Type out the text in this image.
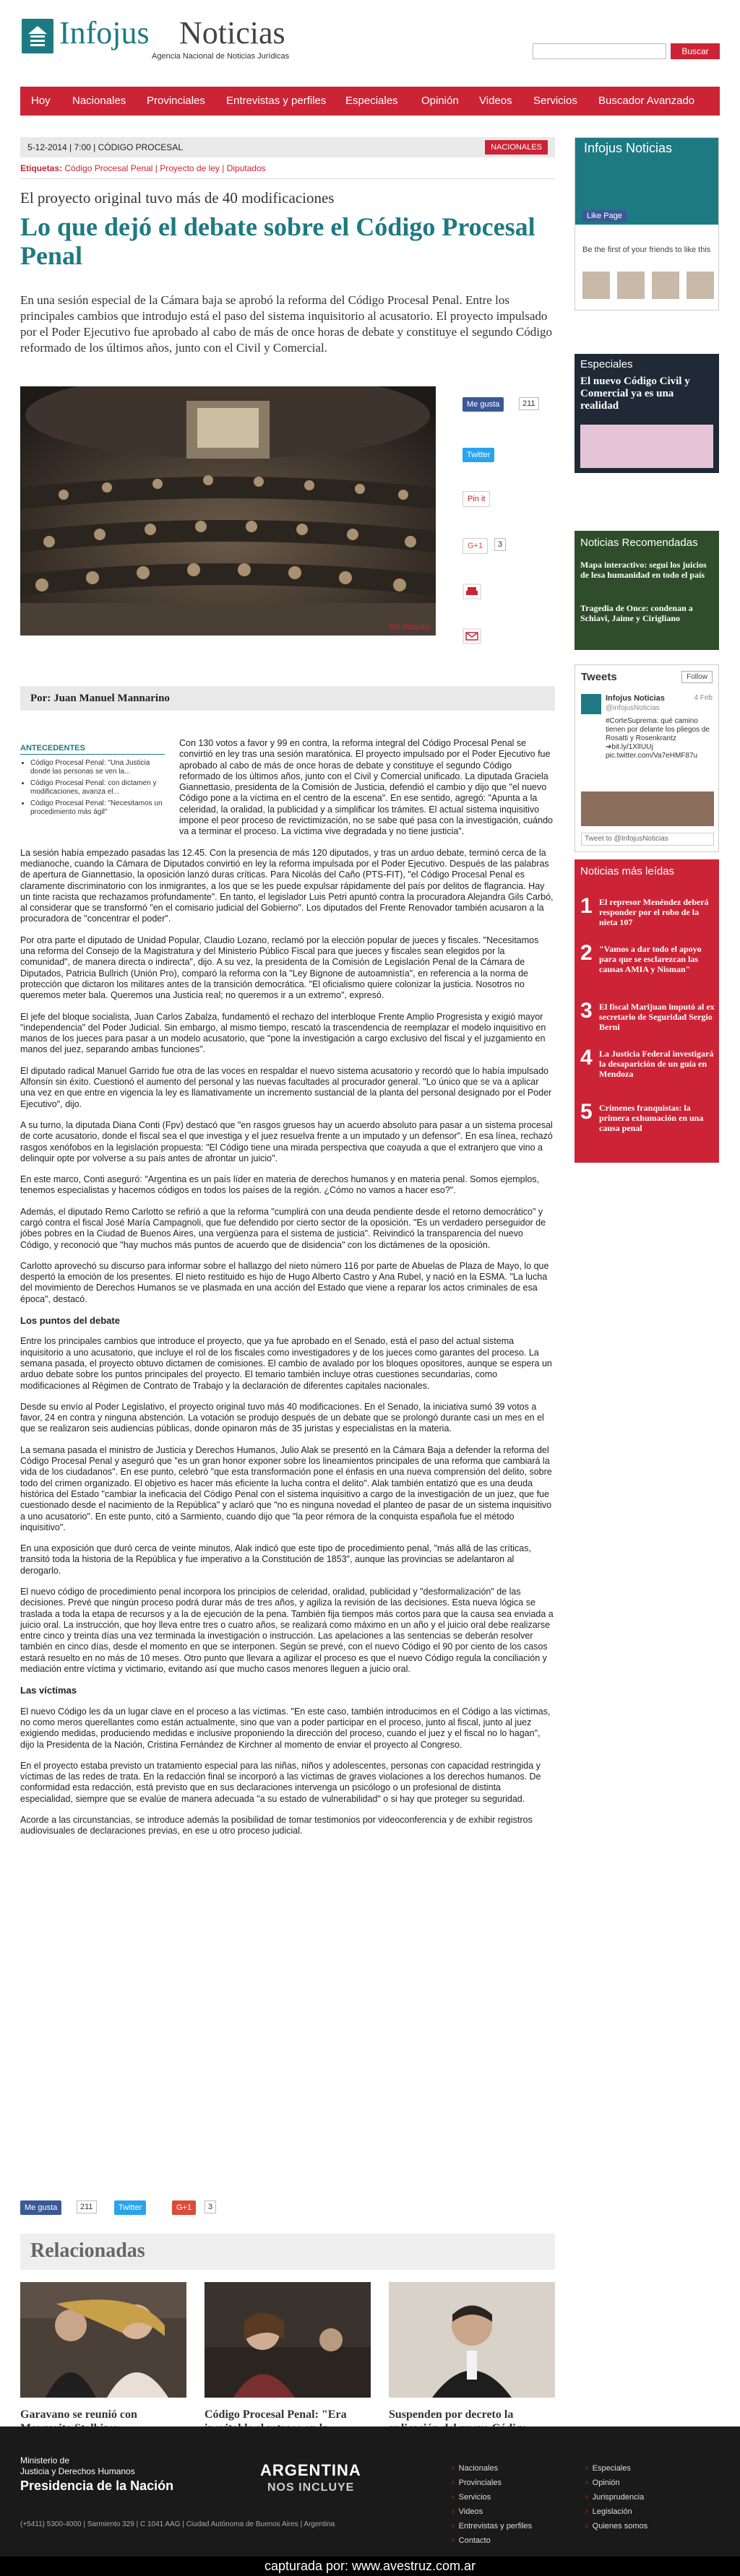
Infojus Noticias
Agencia Nacional de Noticias Jurídicas	Buscar
Hoy Nacionales Provinciales Entrevistas y perfiles Especiales Opinión Videos Servicios Buscador Avanzado
5-12-2014 | 7:00 | CÓDIGO PROCESAL	NACIONALES
Etiquetas: Código Procesal Penal | Proyecto de ley | Diputados
El proyecto original tuvo más de 40 modificaciones
Lo que dejó el debate sobre el Código Procesal Penal

En una sesión especial de la Cámara baja se aprobó la reforma del Código Procesal Penal. Entre los principales cambios que introdujo está el paso del sistema inquisitorio al acusatorio. El proyecto impulsado por el Poder Ejecutivo fue aprobado al cabo de más de once horas de debate y constituye el segundo Código reformado de los últimos años, junto con el Civil y Comercial.

Sol Vázquez
Me gusta	211
Twitter
Pin it
G+1	3
Por: Juan Manuel Mannarino
ANTECEDENTES
• Código Procesal Penal: "Una Justicia donde las personas se ven la...
• Código Procesal Penal: con dictamen y modificaciones, avanza el...
• Código Procesal Penal: "Necesitamos un procedimiento más ágil"

Con 130 votos a favor y 99 en contra, la reforma integral del Código Procesal Penal se convirtió en ley tras una sesión maratónica. El proyecto impulsado por el Poder Ejecutivo fue aprobado al cabo de más de once horas de debate y constituye el segundo Código reformado de los últimos años, junto con el Civil y Comercial unificado. La diputada Graciela Giannettasio, presidenta de la Comisión de Justicia, defendió el cambio y dijo que "el nuevo Código pone a la víctima en el centro de la escena". En ese sentido, agregó: "Apunta a la celeridad, la oralidad, la publicidad y a simplificar los trámites. El actual sistema inquisitivo impone el peor proceso de revictimización, no se sabe qué pasa con la investigación, cuándo va a terminar el proceso. La víctima vive degradada y no tiene justicia".

La sesión había empezado pasadas las 12.45. Con la presencia de más 120 diputados, y tras un arduo debate, terminó cerca de la medianoche, cuando la Cámara de Diputados convirtió en ley la reforma impulsada por el Poder Ejecutivo. Después de las palabras de apertura de Giannettasio, la oposición lanzó duras críticas. Para Nicolás del Caño (PTS-FIT), "el Código Procesal Penal es claramente discriminatorio con los inmigrantes, a los que se les puede expulsar rápidamente del país por delitos de flagrancia. Hay un tinte racista que rechazamos profundamente". En tanto, el legislador Luis Petri apuntó contra la procuradora Alejandra Gils Carbó, al considerar que se transformó "en el comisario judicial del Gobierno". Los diputados del Frente Renovador también acusaron a la procuradora de "concentrar el poder".

Por otra parte el diputado de Unidad Popular, Claudio Lozano, reclamó por la elección popular de jueces y fiscales. "Necesitamos una reforma del Consejo de la Magistratura y del Ministerio Público Fiscal para que jueces y fiscales sean elegidos por la comunidad", de manera directa o indirecta", dijo. A su vez, la presidenta de la Comisión de Legislación Penal de la Cámara de Diputados, Patricia Bullrich (Unión Pro), comparó la reforma con la "Ley Bignone de autoamnistía", en referencia a la norma de protección que dictaron los militares antes de la transición democrática. "El oficialismo quiere colonizar la justicia. Nosotros no queremos meter bala. Queremos una Justicia real; no queremos ir a un extremo", expresó.

El jefe del bloque socialista, Juan Carlos Zabalza, fundamentó el rechazo del interbloque Frente Amplio Progresista y exigió mayor "independencia" del Poder Judicial. Sin embargo, al mismo tiempo, rescató la trascendencia de reemplazar el modelo inquisitivo en manos de los jueces para pasar a un modelo acusatorio, que "pone la investigación a cargo exclusivo del fiscal y el juzgamiento en manos del juez, separando ambas funciones".

El diputado radical Manuel Garrido fue otra de las voces en respaldar el nuevo sistema acusatorio y recordó que lo había impulsado Alfonsín sin éxito. Cuestionó el aumento del personal y las nuevas facultades al procurador general. "Lo único que se va a aplicar una vez en que entre en vigencia la ley es llamativamente un incremento sustancial de la planta del personal designado por el Poder Ejecutivo", dijo.

A su turno, la diputada Diana Conti (Fpv) destacó que "en rasgos gruesos hay un acuerdo absoluto para pasar a un sistema procesal de corte acusatorio, donde el fiscal sea el que investiga y el juez resuelva frente a un imputado y un defensor". En esa línea, rechazó rasgos xenófobos en la legislación propuesta: "El Código tiene una mirada perspectiva que coayuda a que el extranjero que vino a delinquir opte por volverse a su país antes de afrontar un juicio".

En este marco, Conti aseguró: "Argentina es un país líder en materia de derechos humanos y en materia penal. Somos ejemplos, tenemos especialistas y hacemos códigos en todos los países de la región. ¿Cómo no vamos a hacer eso?".

Además, el diputado Remo Carlotto se refirió a que la reforma "cumplirá con una deuda pendiente desde el retorno democrático" y cargó contra el fiscal José María Campagnoli, que fue defendido por cierto sector de la oposición. "Es un verdadero perseguidor de jóbes pobres en la Ciudad de Buenos Aires, una vergüenza para el sistema de justicia". Reivindicó la transparencia del nuevo Código, y reconoció que "hay muchos más puntos de acuerdo que de disidencia" con los dictámenes de la oposición.

Carlotto aprovechó su discurso para informar sobre el hallazgo del nieto número 116 por parte de Abuelas de Plaza de Mayo, lo que despertó la emoción de los presentes. El nieto restituido es hijo de Hugo Alberto Castro y Ana Rubel, y nació en la ESMA. "La lucha del movimiento de Derechos Humanos se ve plasmada en una acción del Estado que viene a reparar los actos criminales de esa época", destacó.

Los puntos del debate

Entre los principales cambios que introduce el proyecto, que ya fue aprobado en el Senado, está el paso del actual sistema inquisitorio a uno acusatorio, que incluye el rol de los fiscales como investigadores y de los jueces como garantes del proceso. La semana pasada, el proyecto obtuvo dictamen de comisiones. El cambio de avalado por los bloques opositores, aunque se espera un arduo debate sobre los puntos principales del proyecto. El temario también incluye otras cuestiones secundarias, como modificaciones al Régimen de Contrato de Trabajo y la declaración de diferentes capitales nacionales.

Desde su envío al Poder Legislativo, el proyecto original tuvo más 40 modificaciones. En el Senado, la iniciativa sumó 39 votos a favor, 24 en contra y ninguna abstención. La votación se produjo después de un debate que se prolongó durante casi un mes en el que se realizaron seis audiencias públicas, donde opinaron más de 35 juristas y especialistas en la materia.

La semana pasada el ministro de Justicia y Derechos Humanos, Julio Alak se presentó en la Cámara Baja a defender la reforma del Código Procesal Penal y aseguró que "es un gran honor exponer sobre los lineamientos principales de una reforma que cambiará la vida de los ciudadanos". En ese punto, celebró "que esta transformación pone el énfasis en una nueva comprensión del delito, sobre todo del crimen organizado. El objetivo es hacer más eficiente la lucha contra el delito". Alak también entatizó que es una deuda histórica del Estado "cambiar la ineficacia del Código Penal con el sistema inquisitivo a cargo de la investigación de un juez, que fue cuestionado desde el nacimiento de la República" y aclaró que "no es ninguna novedad el planteo de pasar de un sistema inquisitivo a uno acusatorio". En este punto, citó a Sarmiento, cuando dijo que "la peor rémora de la conquista española fue el método inquisitivo".

En una exposición que duró cerca de veinte minutos, Alak indicó que este tipo de procedimiento penal, "más allá de las críticas, transitó toda la historia de la República y fue imperativo a la Constitución de 1853", aunque las provincias se adelantaron al derogarlo.

El nuevo código de procedimiento penal incorpora los principios de celeridad, oralidad, publicidad y "desformalización" de las decisiones. Prevé que ningún proceso podrá durar más de tres años, y agiliza la revisión de las decisiones. Esta nueva lógica se traslada a toda la etapa de recursos y a la de ejecución de la pena. También fija tiempos más cortos para que la causa sea enviada a juicio oral. La instrucción, que hoy lleva entre tres o cuatro años, se realizará como máximo en un año y el juicio oral debe realizarse entre cinco y treinta días una vez terminada la investigación o instrucción. Las apelaciones a las sentencias se deberán resolver también en cinco días, desde el momento en que se interponen. Según se prevé, con el nuevo Código el 90 por ciento de los casos estará resuelto en no más de 10 meses. Otro punto que llevara a agilizar el proceso es que el nuevo Código regula la conciliación y mediación entre víctima y victimario, evitando así que mucho casos menores lleguen a juicio oral.

Las víctimas

El nuevo Código les da un lugar clave en el proceso a las víctimas. "En este caso, también introducimos en el Código a las víctimas, no como meros querellantes como están actualmente, sino que van a poder participar en el proceso, junto al fiscal, junto al juez exigiendo medidas, produciendo medidas e inclusive proponiendo la dirección del proceso, cuando el juez y el fiscal no lo hagan", dijo la Presidenta de la Nación, Cristina Fernández de Kirchner al momento de enviar el proyecto al Congreso.

En el proyecto estaba previsto un tratamiento especial para las niñas, niños y adolescentes, personas con capacidad restringida y víctimas de las redes de trata. En la redacción final se incorporó a las víctimas de graves violaciones a los derechos humanos. De conformidad esta redacción, está previsto que en sus declaraciones intervenga un psicólogo o un profesional de distinta especialidad, siempre que se evalúe de manera adecuada "a su estado de vulnerabilidad" o si hay que proteger su seguridad.

Acorde a las circunstancias, se introduce además la posibilidad de tomar testimonios por videoconferencia y de exhibir registros audiovisuales de declaraciones previas, en ese u otro proceso judicial.

Me gusta	211	Twitter	G+1	3
Relacionadas
Garavano se reunió con	Código Procesal Penal: "Era	Suspenden por decreto la
Infojus Noticias
Like Page
Be the first of your friends to like this
Especiales
El nuevo Código Civil y Comercial ya es una realidad
Noticias Recomendadas
Mapa interactivo: seguí los juicios de lesa humanidad en todo el país
Tragedia de Once: condenan a Schiavi, Jaime y Cirigliano
Tweets	Follow
Infojus Noticias
@infojusNoticias
4 Feb
#CorteSuprema: qué camino tienen por delante los pliegos de Rosatti y Rosenkrantz ➔bit.ly/1XlIUUj pic.twitter.com/Va7eHMF87u
Tweet to @InfojusNoticias
Noticias más leídas
1 El represor Menéndez deberá responder por el robo de la nieta 107
2 "Vamos a dar todo el apoyo para que se esclarezcan las causas AMIA y Nisman"
3 El fiscal Marijuan imputó al ex secretario de Seguridad Sergio Berni
4 La Justicia Federal investigará la desaparición de un guía en Mendoza
5 Crímenes franquistas: la primera exhumación en una causa penal
Ministerio de
Justicia y Derechos Humanos
Presidencia de la Nación
ARGENTINA
NOS INCLUYE
(+5411) 5300-4000 | Sarmiento 329 | C 1041 AAG | Ciudad Autónoma de Buenos Aires | Argentina
› Nacionales
› Provinciales
› Servicios
› Videos
› Entrevistas y perfiles
› Contacto
› Especiales
› Opinión
› Jurisprudencia
› Legislación
› Quienes somos
capturada por: www.avestruz.com.ar
